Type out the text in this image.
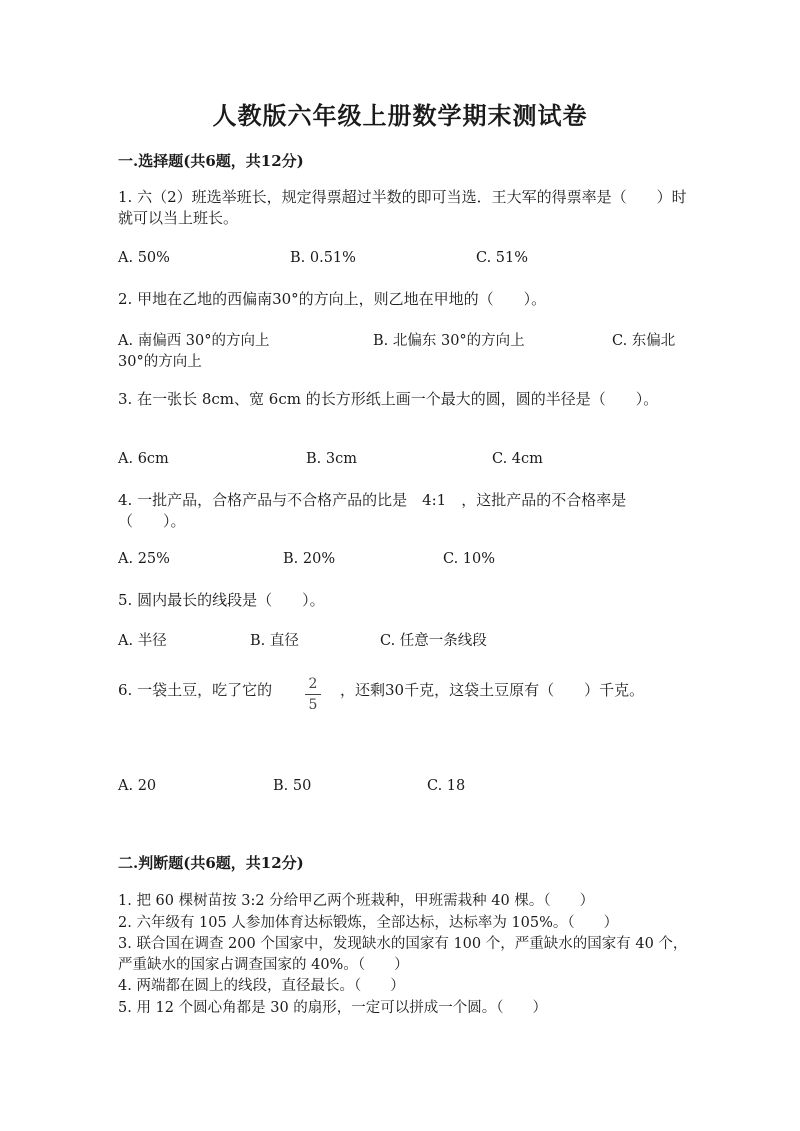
人教版六年级上册数学期末测试卷
一.选择题(共6题，共12分)
1. 六（2）班选举班长，规定得票超过半数的即可当选．王大军的得票率是（　　）时就可以当上班长。
A. 50%	B. 0.51%	C. 51%
2. 甲地在乙地的西偏南30°的方向上，则乙地在甲地的（　　）。
A. 南偏西 30°的方向上	B. 北偏东 30°的方向上	C. 东偏北
30°的方向上
3. 在一张长 8cm、宽 6cm 的长方形纸上画一个最大的圆，圆的半径是（　　）。
A. 6cm	B. 3cm	C. 4cm
4. 一批产品，合格产品与不合格产品的比是　4:1　，这批产品的不合格率是（　　）。
A. 25%	B. 20%	C. 10%
5. 圆内最长的线段是（　　）。
A. 半径	B. 直径	C. 任意一条线段
6. 一袋土豆，吃了它的	2
5
，还剩30千克，这袋土豆原有（　　）千克。
A. 20	B. 50	C. 18
二.判断题(共6题，共12分)
1. 把 60 棵树苗按 3:2 分给甲乙两个班栽种，甲班需栽种 40 棵。（　　）
2. 六年级有 105 人参加体育达标锻炼，全部达标，达标率为 105%。（　　）
3. 联合国在调查 200 个国家中，发现缺水的国家有 100 个，严重缺水的国家有 40 个，严重缺水的国家占调查国家的 40%。（　　）
4. 两端都在圆上的线段，直径最长。（　　）
5. 用 12 个圆心角都是 30 的扇形，一定可以拼成一个圆。（　　）
